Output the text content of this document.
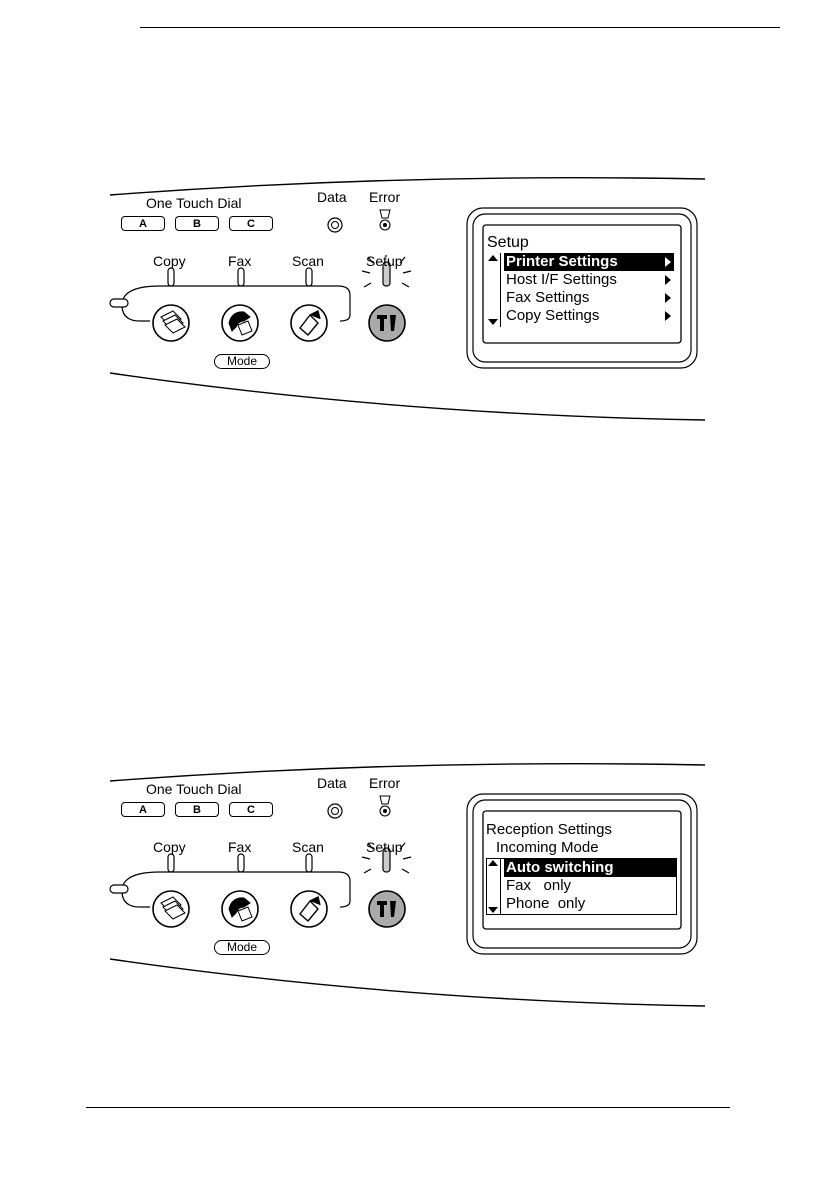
One Touch Dial
A	B	C
Data Error
Copy	Fax	Scan	Setup
Mode
Setup
Printer Settings
Host I/F Settings
Fax Settings
Copy Settings
One Touch Dial
A	B	C
Data Error
Copy	Fax	Scan	Setup
Mode
Reception Settings
Incoming Mode
Auto switching
Fax   only
Phone  only
